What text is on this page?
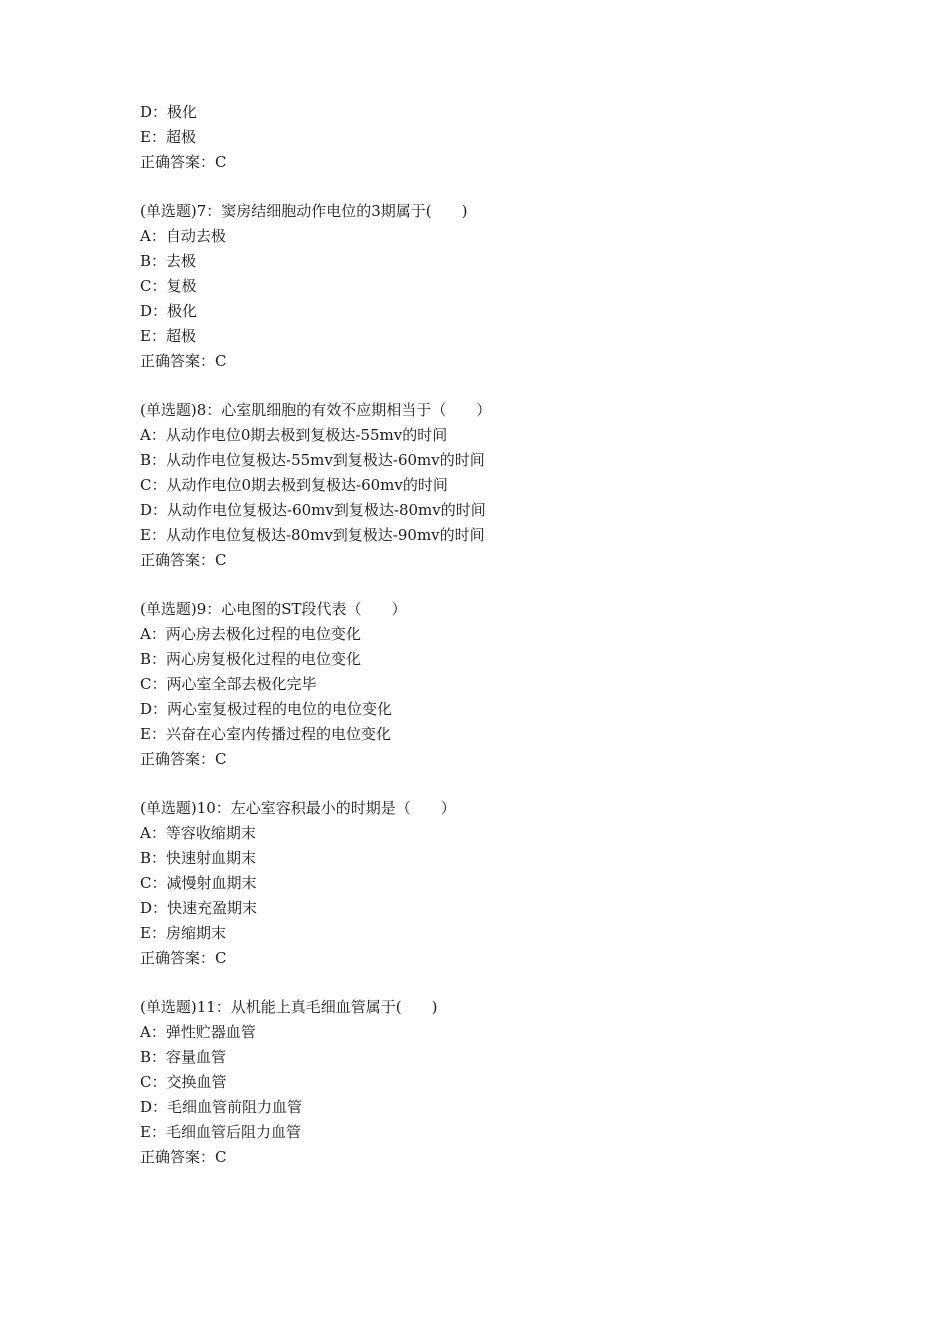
D：极化
E：超极
正确答案：C
(单选题)7：窦房结细胞动作电位的3期属于(　　)
A：自动去极
B：去极
C：复极
D：极化
E：超极
正确答案：C
(单选题)8：心室肌细胞的有效不应期相当于（　　）
A：从动作电位0期去极到复极达-55mv的时间
B：从动作电位复极达-55mv到复极达-60mv的时间
C：从动作电位0期去极到复极达-60mv的时间
D：从动作电位复极达-60mv到复极达-80mv的时间
E：从动作电位复极达-80mv到复极达-90mv的时间
正确答案：C
(单选题)9：心电图的ST段代表（　　）
A：两心房去极化过程的电位变化
B：两心房复极化过程的电位变化
C：两心室全部去极化完毕
D：两心室复极过程的电位的电位变化
E：兴奋在心室内传播过程的电位变化
正确答案：C
(单选题)10：左心室容积最小的时期是（　　）
A：等容收缩期末
B：快速射血期末
C：减慢射血期末
D：快速充盈期末
E：房缩期末
正确答案：C
(单选题)11：从机能上真毛细血管属于(　　)
A：弹性贮器血管
B：容量血管
C：交换血管
D：毛细血管前阻力血管
E：毛细血管后阻力血管
正确答案：C
